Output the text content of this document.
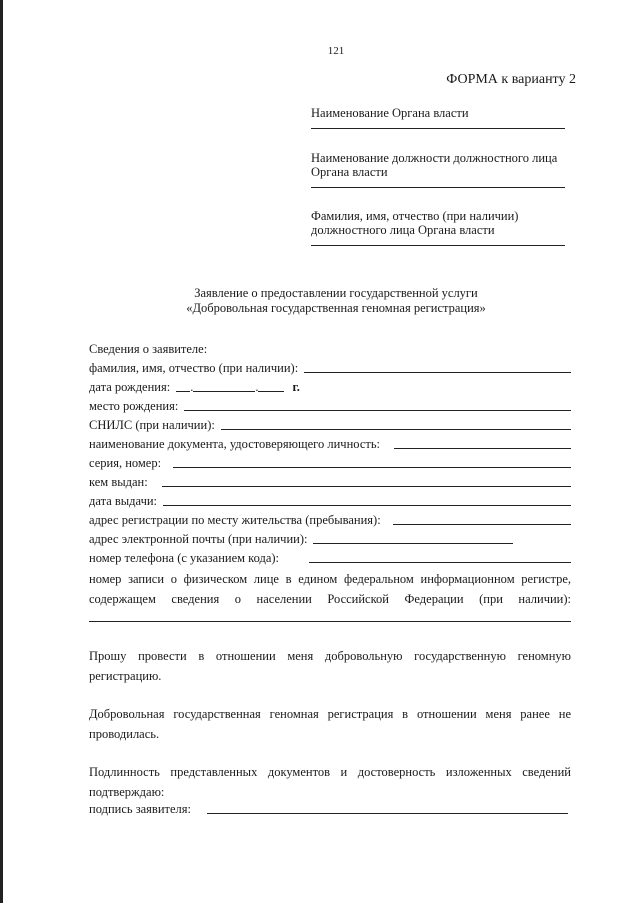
121
ФОРМА к варианту 2
Наименование Органа власти
Наименование должности должностного лица
Органа власти
Фамилия, имя, отчество (при наличии)
должностного лица Органа власти
Заявление о предоставлении государственной услуги
«Добровольная государственная геномная регистрация»
Сведения о заявителе:
фамилия, имя, отчество (при наличии):
дата рождения: .	.	г.
место рождения:
СНИЛС (при наличии):
наименование документа, удостоверяющего личность:
серия, номер:
кем выдан:
дата выдачи:
адрес регистрации по месту жительства (пребывания):
адрес электронной почты (при наличии):
номер телефона (с указанием кода):
номер записи о физическом лице в едином федеральном информационном регистре,
содержащем сведения о населении Российской Федерации (при наличии):
Прошу провести в отношении меня добровольную государственную геномную
регистрацию.
Добровольная государственная геномная регистрация в отношении меня ранее не
проводилась.
Подлинность представленных документов и достоверность изложенных сведений
подтверждаю:
подпись заявителя:
